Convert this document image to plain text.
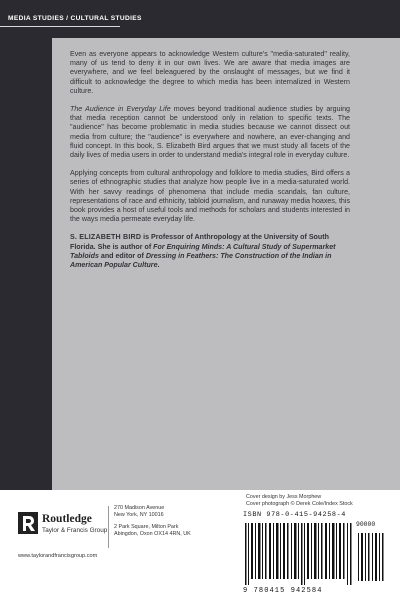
MEDIA STUDIES / CULTURAL STUDIES

Even as everyone appears to acknowledge Western culture's "media-saturated" reality, many of us tend to deny it in our own lives. We are aware that media images are everywhere, and we feel beleaguered by the onslaught of messages, but we find it difficult to acknowledge the degree to which media has been internalized in Western culture.

The Audience in Everyday Life moves beyond traditional audience studies by arguing that media reception cannot be understood only in relation to specific texts. The "audience" has become problematic in media studies because we cannot dissect out media from culture; the "audience" is everywhere and nowhere, an ever-changing and fluid concept. In this book, S. Elizabeth Bird argues that we must study all facets of the daily lives of media users in order to understand media's integral role in everyday culture.

Applying concepts from cultural anthropology and folklore to media studies, Bird offers a series of ethnographic studies that analyze how people live in a media-saturated world. With her savvy readings of phenomena that include media scandals, fan culture, representations of race and ethnicity, tabloid journalism, and runaway media hoaxes, this book provides a host of useful tools and methods for scholars and students interested in the ways media permeate everyday life.

S. ELIZABETH BIRD is Professor of Anthropology at the University of South Florida. She is author of For Enquiring Minds: A Cultural Study of Supermarket Tabloids and editor of Dressing in Feathers: The Construction of the Indian in American Popular Culture.

Cover design by Jess Morphew
Cover photograph © Derek Cole/Index Stock
Routledge
Taylor & Francis Group
270 Madison Avenue
New York, NY 10016
2 Park Square, Milton Park
Abingdon, Oxon OX14 4RN, UK
www.taylorandfrancisgroup.com
ISBN 978-0-415-94258-4
90000
9 780415 942584
